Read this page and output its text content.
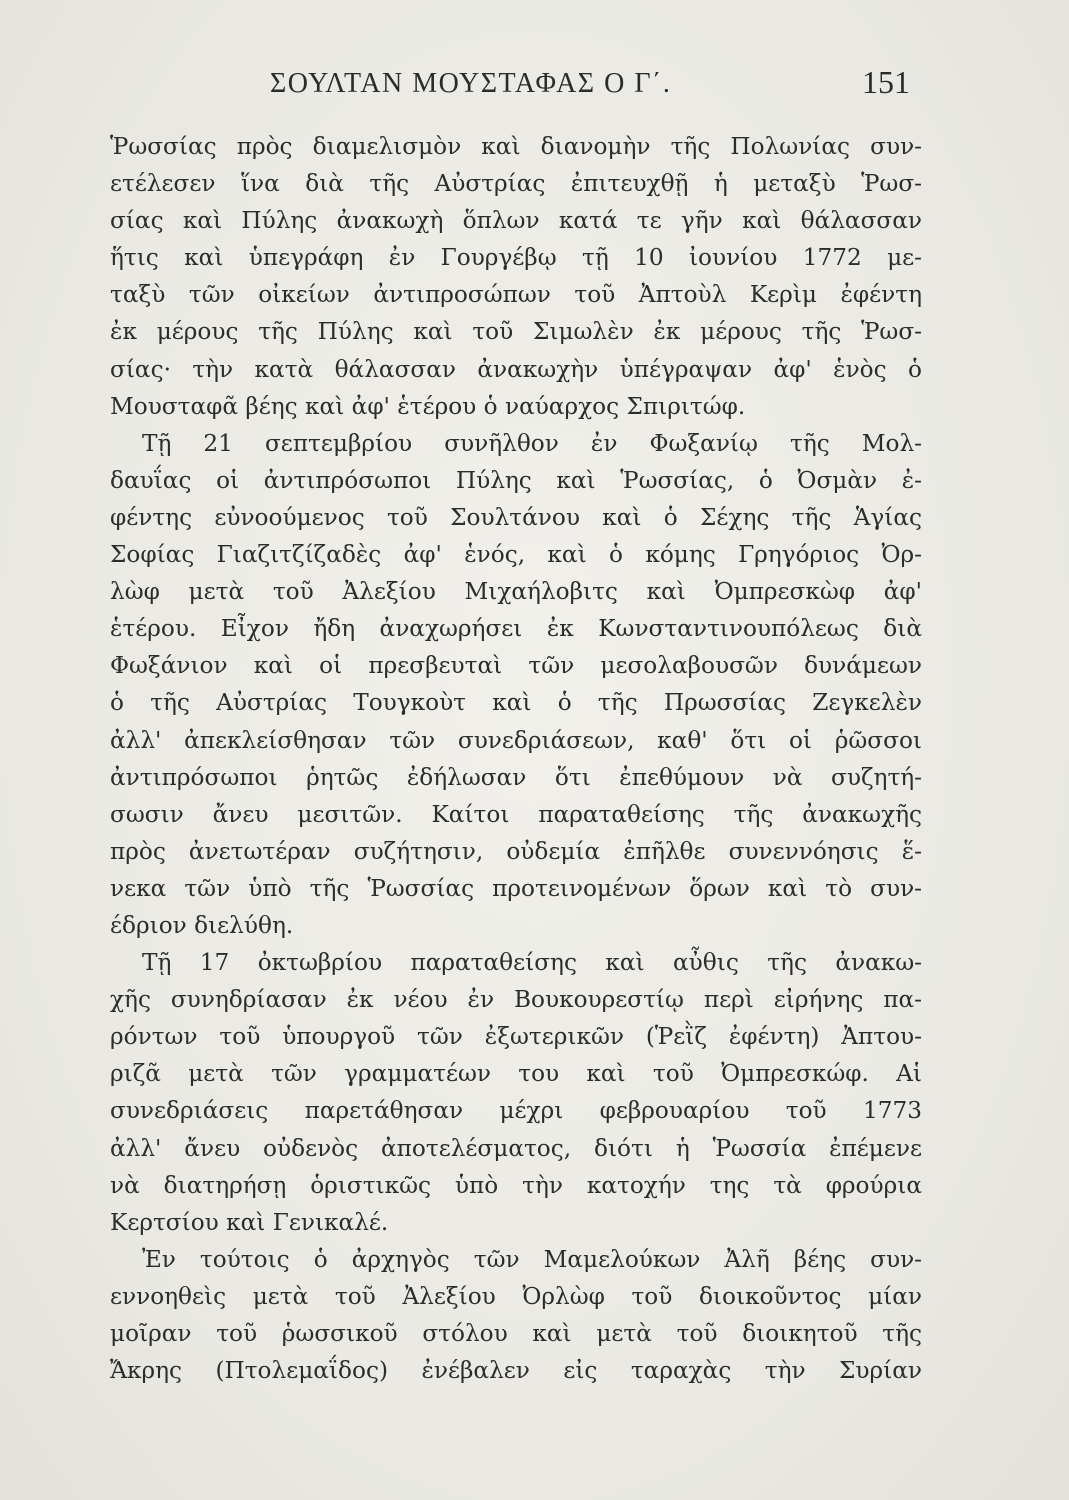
ΣΟΥΛΤΑΝ ΜΟΥΣΤΑΦΑΣ Ο Γ΄.	151
Ῥωσσίας πρὸς διαμελισμὸν καὶ διανομὴν τῆς Πολωνίας συν-
ετέλεσεν ἵνα διὰ τῆς Αὐστρίας ἐπιτευχθῇ ἡ μεταξὺ Ῥωσ-
σίας καὶ Πύλης ἀνακωχὴ ὅπλων κατά τε γῆν καὶ θάλασσαν
ἥτις καὶ ὑπεγράφη ἐν Γουργέβῳ τῇ 10 ἰουνίου 1772 με-
ταξὺ τῶν οἰκείων ἀντιπροσώπων τοῦ Ἀπτοὺλ Κερὶμ ἐφέντη
ἐκ μέρους τῆς Πύλης καὶ τοῦ Σιμωλὲν ἐκ μέρους τῆς Ῥωσ-
σίας· τὴν κατὰ θάλασσαν ἀνακωχὴν ὑπέγραψαν ἀφ' ἑνὸς ὁ
Μουσταφᾶ βέης καὶ ἀφ' ἑτέρου ὁ ναύαρχος Σπιριτώφ.
Τῇ 21 σεπτεμβρίου συνῆλθον ἐν Φωξανίῳ τῆς Μολ-
δαυΐας οἱ ἀντιπρόσωποι Πύλης καὶ Ῥωσσίας, ὁ Ὀσμὰν ἐ-
φέντης εὐνοούμενος τοῦ Σουλτάνου καὶ ὁ Σέχης τῆς Ἁγίας
Σοφίας Γιαζιτζίζαδὲς ἀφ' ἑνός, καὶ ὁ κόμης Γρηγόριος Ὀρ-
λὼφ μετὰ τοῦ Ἀλεξίου Μιχαήλοβιτς καὶ Ὀμπρεσκὼφ ἀφ'
ἑτέρου. Εἶχον ἤδη ἀναχωρήσει ἐκ Κωνσταντινουπόλεως διὰ
Φωξάνιον καὶ οἱ πρεσβευταὶ τῶν μεσολαβουσῶν δυνάμεων
ὁ τῆς Αὐστρίας Τουγκοὺτ καὶ ὁ τῆς Πρωσσίας Ζεγκελὲν
ἀλλ' ἀπεκλείσθησαν τῶν συνεδριάσεων, καθ' ὅτι οἱ ῥῶσσοι
ἀντιπρόσωποι ῥητῶς ἐδήλωσαν ὅτι ἐπεθύμουν νὰ συζητή-
σωσιν ἄνευ μεσιτῶν. Καίτοι παραταθείσης τῆς ἀνακωχῆς
πρὸς ἀνετωτέραν συζήτησιν, οὐδεμία ἐπῆλθε συνεννόησις ἕ-
νεκα τῶν ὑπὸ τῆς Ῥωσσίας προτεινομένων ὅρων καὶ τὸ συν-
έδριον διελύθη.
Τῇ 17 ὀκτωβρίου παραταθείσης καὶ αὖθις τῆς ἀνακω-
χῆς συνηδρίασαν ἐκ νέου ἐν Βουκουρεστίῳ περὶ εἰρήνης πα-
ρόντων τοῦ ὑπουργοῦ τῶν ἐξωτερικῶν (Ῥεῒζ ἐφέντη) Ἀπτου-
ριζᾶ μετὰ τῶν γραμματέων του καὶ τοῦ Ὀμπρεσκώφ. Αἱ
συνεδριάσεις παρετάθησαν μέχρι φεβρουαρίου τοῦ 1773
ἀλλ' ἄνευ οὐδενὸς ἀποτελέσματος, διότι ἡ Ῥωσσία ἐπέμενε
νὰ διατηρήσῃ ὁριστικῶς ὑπὸ τὴν κατοχήν της τὰ φρούρια
Κερτσίου καὶ Γενικαλέ.
Ἐν τούτοις ὁ ἀρχηγὸς τῶν Μαμελούκων Ἀλῆ βέης συν-
εννοηθεὶς μετὰ τοῦ Ἀλεξίου Ὀρλὼφ τοῦ διοικοῦντος μίαν
μοῖραν τοῦ ῥωσσικοῦ στόλου καὶ μετὰ τοῦ διοικητοῦ τῆς
Ἄκρης (Πτολεμαΐδος) ἐνέβαλεν εἰς ταραχὰς τὴν Συρίαν
